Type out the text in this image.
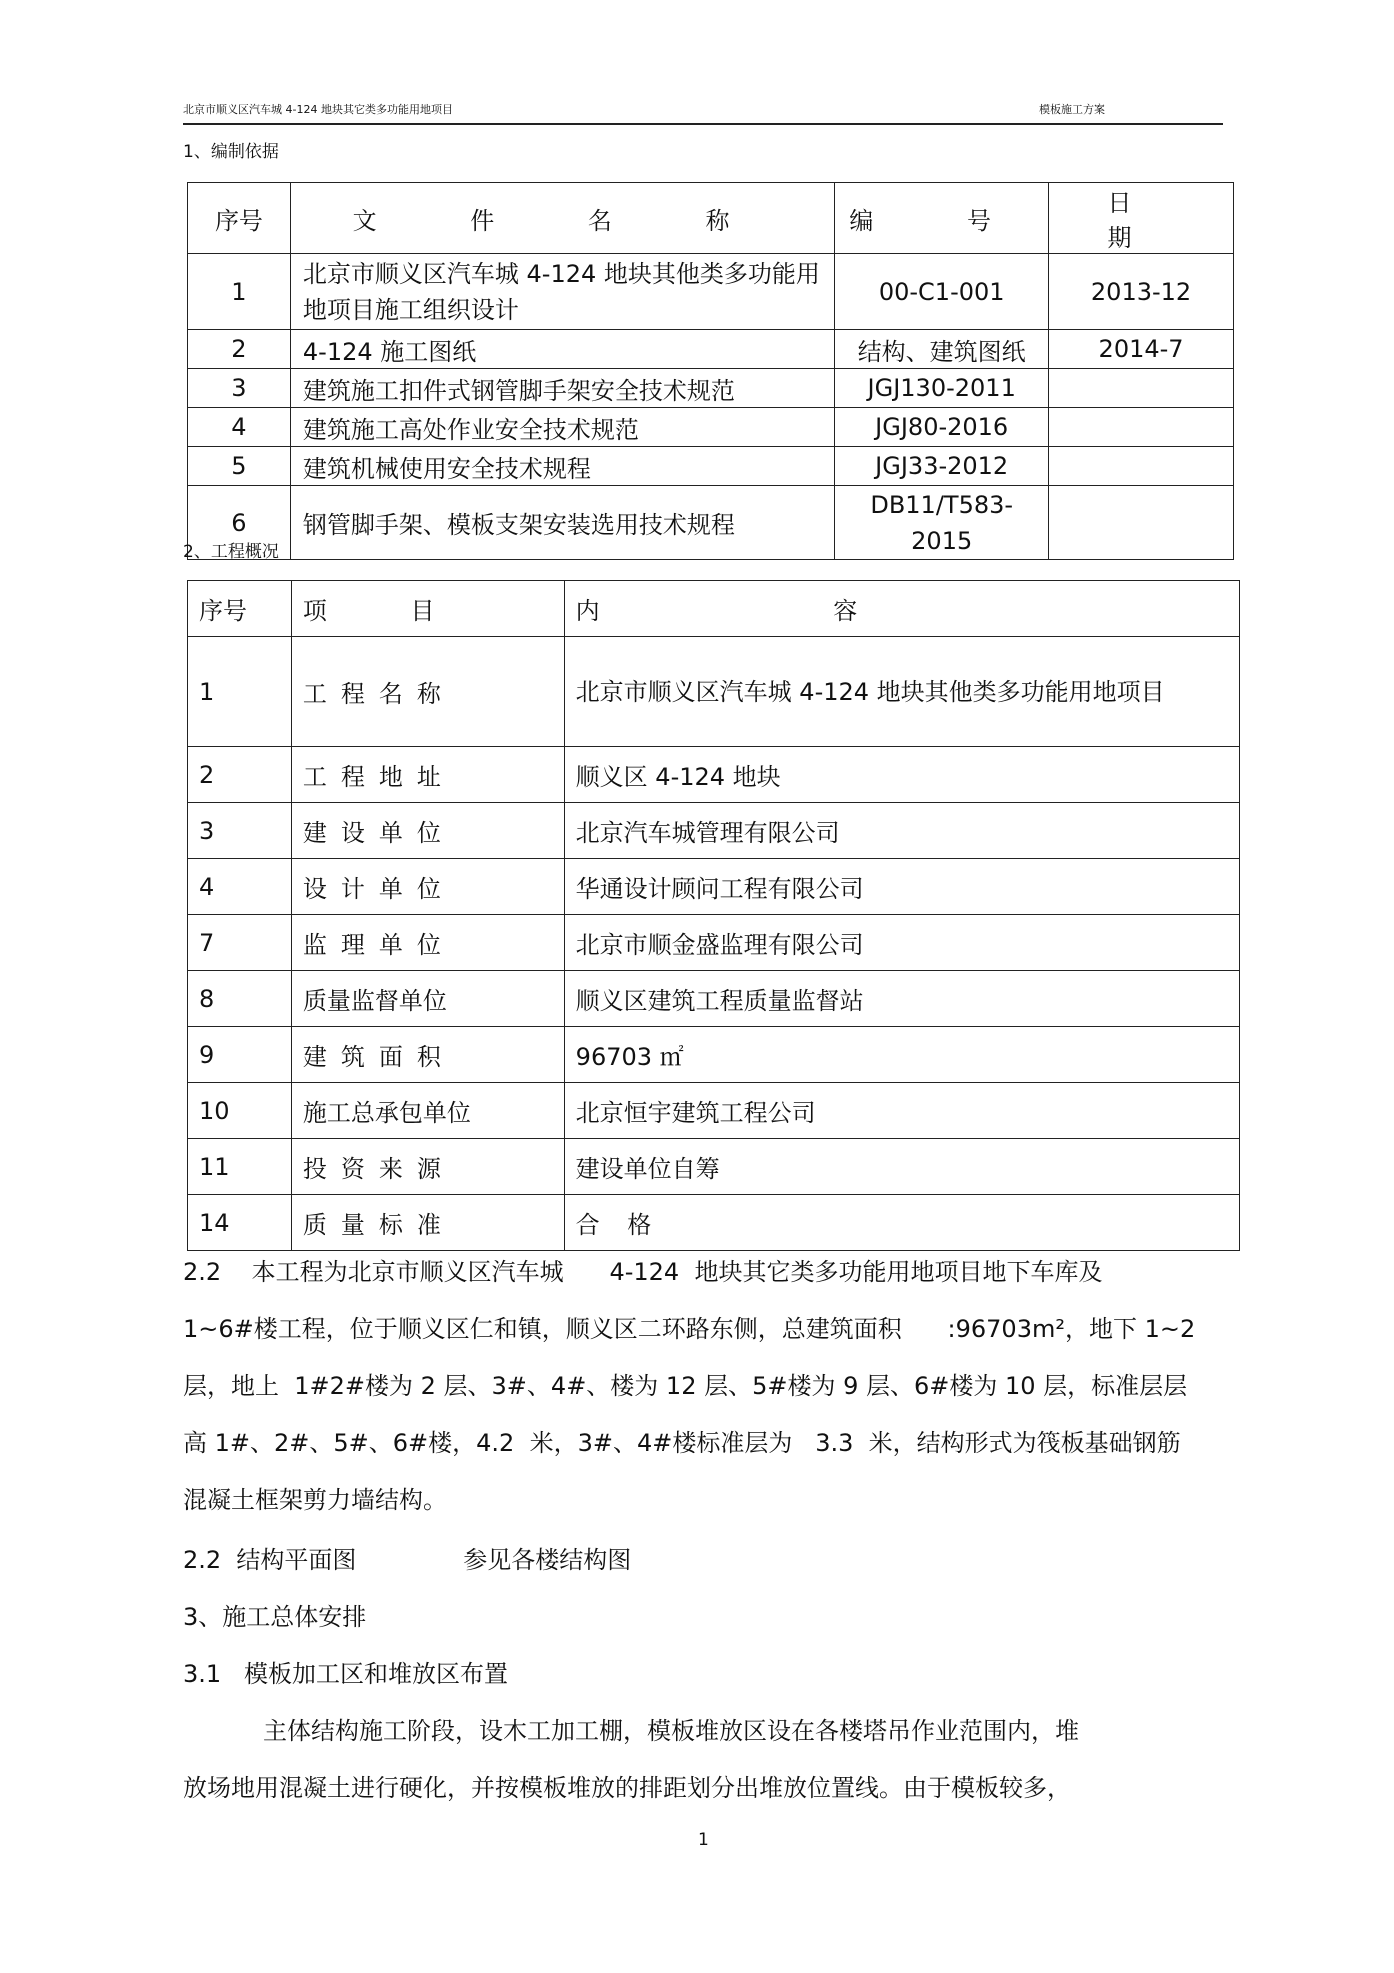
北京市顺义区汽车城 4-124 地块其它类多功能用地项目	模板施工方案
1、编制依据
序号	文 件 名 称	编 号	日 期
1	北京市顺义区汽车城 4-124 地块其他类多功能用地项目施工组织设计	00-C1-001	2013-12
2	4-124 施工图纸	结构、建筑图纸	2014-7
3	建筑施工扣件式钢管脚手架安全技术规范	JGJ130-2011	
4	建筑施工高处作业安全技术规范	JGJ80-2016	
5	建筑机械使用安全技术规程	JGJ33-2012	
6	钢管脚手架、模板支架安装选用技术规程	DB11/T583-2015	
2、工程概况
序号	项 目	内 容
1	工程名称	北京市顺义区汽车城 4-124 地块其他类多功能用地项目
2	工程地址	顺义区 4-124 地块
3	建设单位	北京汽车城管理有限公司
4	设计单位	华通设计顾问工程有限公司
7	监理单位	北京市顺金盛监理有限公司
8	质量监督单位	顺义区建筑工程质量监督站
9	建筑面积	96703 ㎡
10	施工总承包单位	北京恒宇建筑工程公司
11	投资来源	建设单位自筹
14	质量标准	合 格

2.2    本工程为北京市顺义区汽车城      4-124  地块其它类多功能用地项目地下车库及

1~6#楼工程，位于顺义区仁和镇，顺义区二环路东侧，总建筑面积      :96703m²，地下 1~2

层，地上  1#2#楼为 2 层、3#、4#、楼为 12 层、5#楼为 9 层、6#楼为 10 层，标准层层

高 1#、2#、5#、6#楼，4.2  米，3#、4#楼标准层为   3.3  米，结构形式为筏板基础钢筋

混凝土框架剪力墙结构。

2.2  结构平面图              参见各楼结构图
3、施工总体安排
3.1   模板加工区和堆放区布置
主体结构施工阶段，设木工加工棚，模板堆放区设在各楼塔吊作业范围内，堆
放场地用混凝土进行硬化，并按模板堆放的排距划分出堆放位置线。由于模板较多，
1
